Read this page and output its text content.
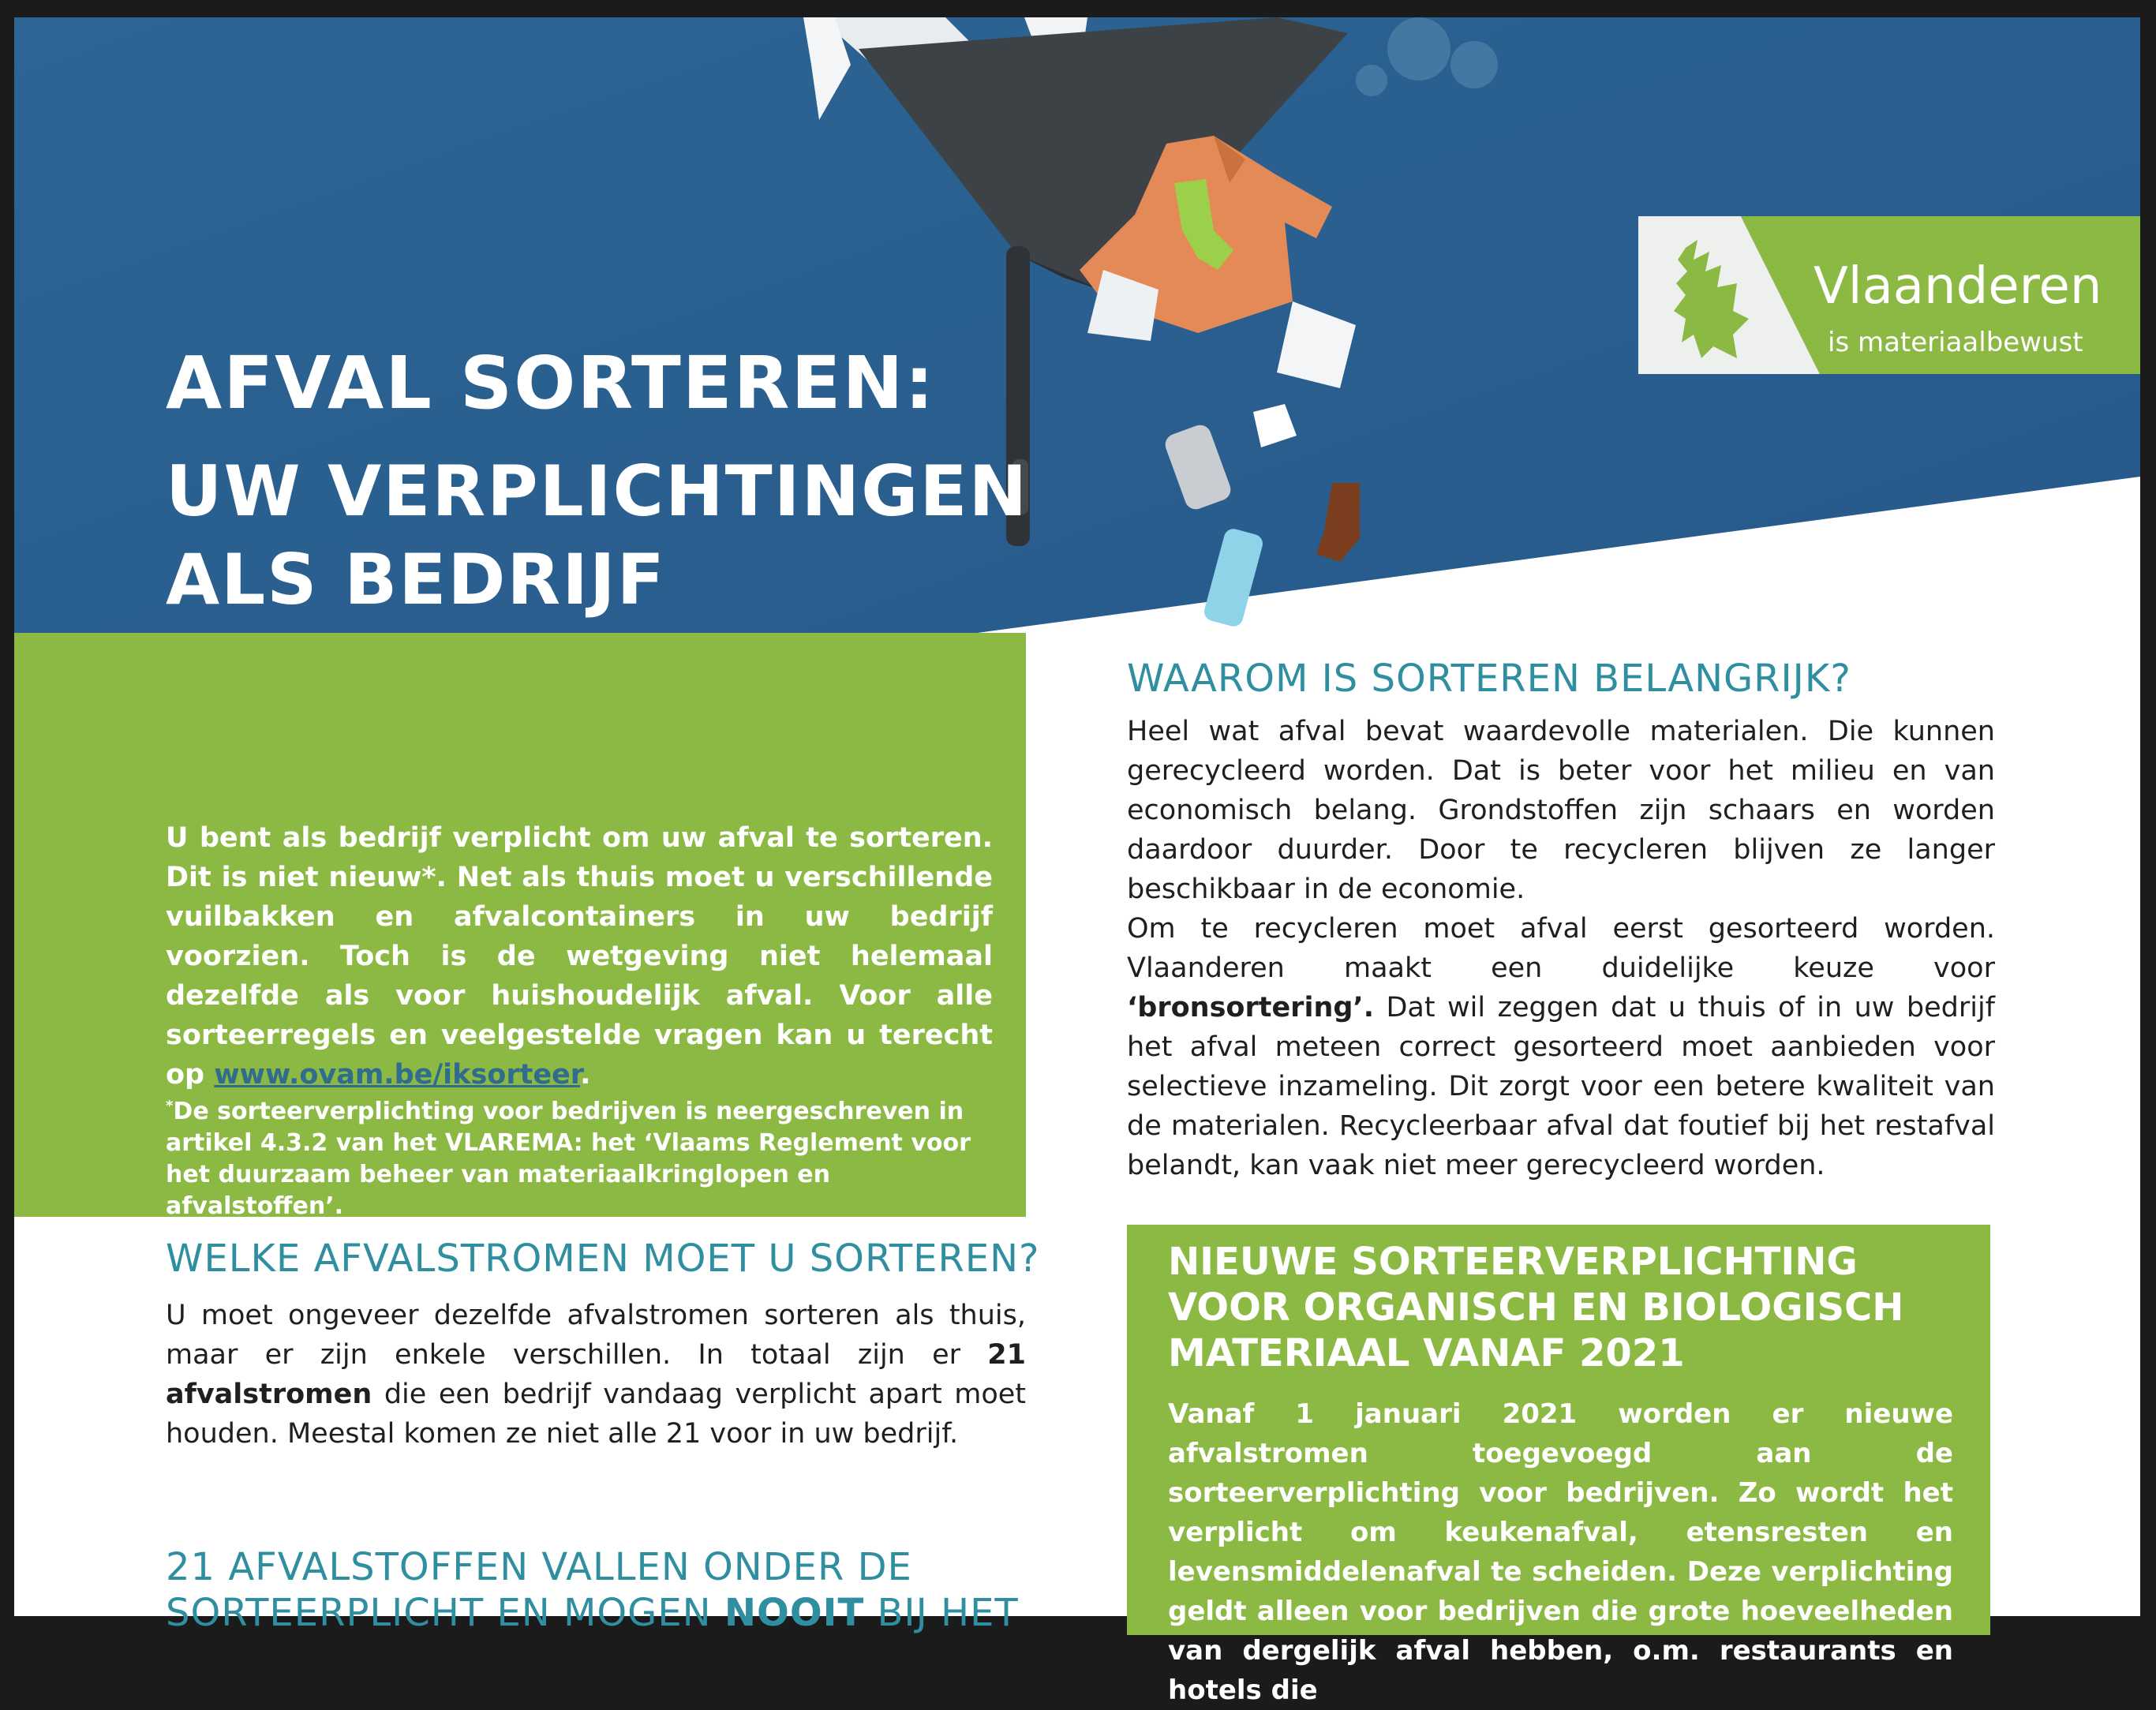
AFVAL SORTEREN:
UW VERPLICHTINGEN
ALS BEDRIJF
Vlaanderen
is materiaalbewust

U bent als bedrijf verplicht om uw afval te sorteren. Dit is niet nieuw*. Net als thuis moet u verschillende vuilbakken en afvalcontainers in uw bedrijf voorzien. Toch is de wetgeving niet helemaal dezelfde als voor huishoudelijk afval. Voor alle sorteerregels en veelgestelde vragen kan u terecht op www.ovam.be/iksorteer.

*De sorteerverplichting voor bedrijven is neergeschreven in artikel 4.3.2 van het VLAREMA: het ‘Vlaams Reglement voor het duurzaam beheer van materiaalkringlopen en afvalstoffen’.

WAAROM IS SORTEREN BELANGRIJK?

Heel wat afval bevat waardevolle materialen. Die kunnen gerecycleerd worden. Dat is beter voor het milieu en van economisch belang. Grondstoffen zijn schaars en worden daardoor duurder. Door te recycleren blijven ze langer beschikbaar in de economie.

Om te recycleren moet afval eerst gesorteerd worden. Vlaanderen maakt een duidelijke keuze voor ‘bronsortering’. Dat wil zeggen dat u thuis of in uw bedrijf het afval meteen correct gesorteerd moet aanbieden voor selectieve inzameling. Dit zorgt voor een betere kwaliteit van de materialen. Recycleerbaar afval dat foutief bij het restafval belandt, kan vaak niet meer gerecycleerd worden.

WELKE AFVALSTROMEN MOET U SORTEREN?

U moet ongeveer dezelfde afvalstromen sorteren als thuis, maar er zijn enkele verschillen. In totaal zijn er 21 afvalstromen die een bedrijf vandaag verplicht apart moet houden. Meestal komen ze niet alle 21 voor in uw bedrijf.

21 AFVALSTOFFEN VALLEN ONDER DE
SORTEERPLICHT EN MOGEN NOOIT BIJ HET
NIEUWE SORTEERVERPLICHTING VOOR ORGANISCH EN BIOLOGISCH MATERIAAL VANAF 2021

Vanaf 1 januari 2021 worden er nieuwe afvalstromen toegevoegd aan de sorteerverplichting voor bedrijven. Zo wordt het verplicht om keukenafval, etensresten en levensmiddelenafval te scheiden. Deze verplichting geldt alleen voor bedrijven die grote hoeveelheden van dergelijk afval hebben, o.m. restaurants en hotels die
